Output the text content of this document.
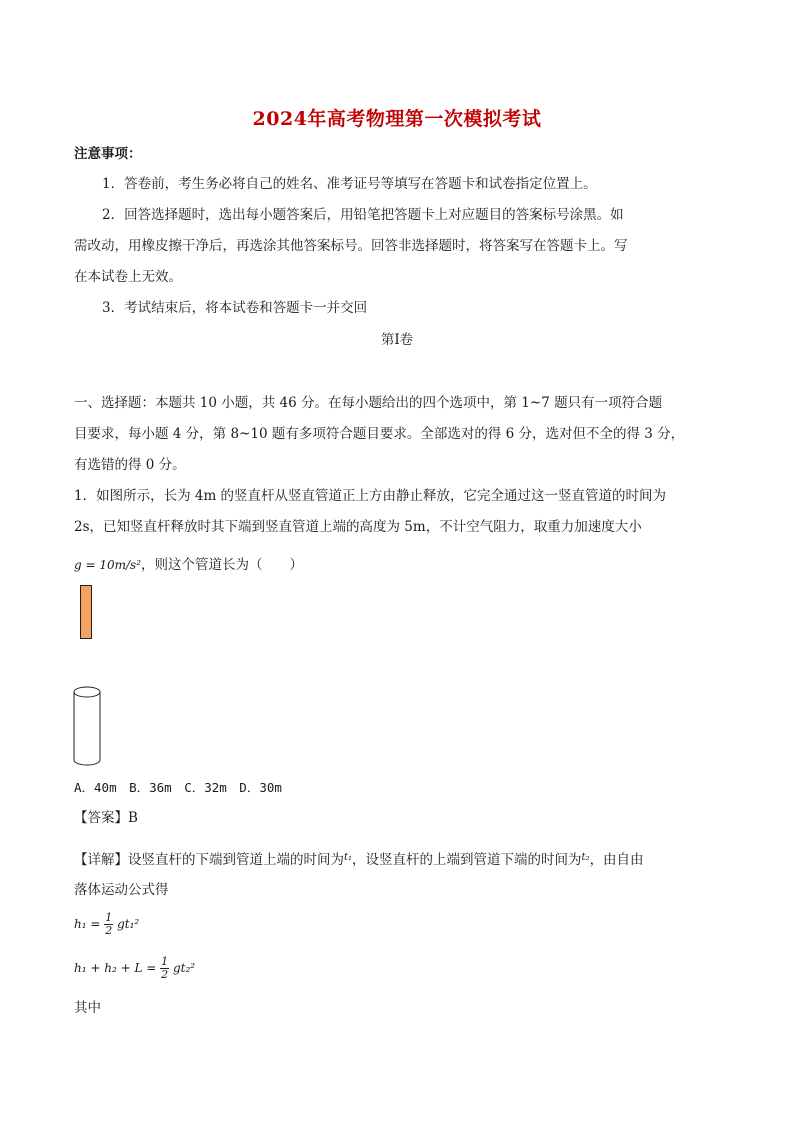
2024年高考物理第一次模拟考试
注意事项：
1．答卷前，考生务必将自己的姓名、准考证号等填写在答题卡和试卷指定位置上。
2．回答选择题时，选出每小题答案后，用铅笔把答题卡上对应题目的答案标号涂黑。如
需改动，用橡皮擦干净后，再选涂其他答案标号。回答非选择题时，将答案写在答题卡上。写
在本试卷上无效。
3．考试结束后，将本试卷和答题卡一并交回
第Ⅰ卷
一、选择题：本题共 10 小题，共 46 分。在每小题给出的四个选项中，第 1~7 题只有一项符合题
目要求，每小题 4 分，第 8~10 题有多项符合题目要求。全部选对的得 6 分，选对但不全的得 3 分，
有选错的得 0 分。
1．如图所示，长为 4m 的竖直杆从竖直管道正上方由静止释放，它完全通过这一竖直管道的时间为
2s，已知竖直杆释放时其下端到竖直管道上端的高度为 5m，不计空气阻力，取重力加速度大小
g = 10m/s²，则这个管道长为（　　）
A．40m　B．36m　C．32m　D．30m
【答案】B
【详解】设竖直杆的下端到管道上端的时间为$^{t_1}$，设竖直杆的上端到管道下端的时间为$^{t_2}$，由自由
落体运动公式得
$h_1 = \frac{1}{2} gt_1^2$
$h_1 + h_2 + L = \frac{1}{2} gt_2^2$
其中
